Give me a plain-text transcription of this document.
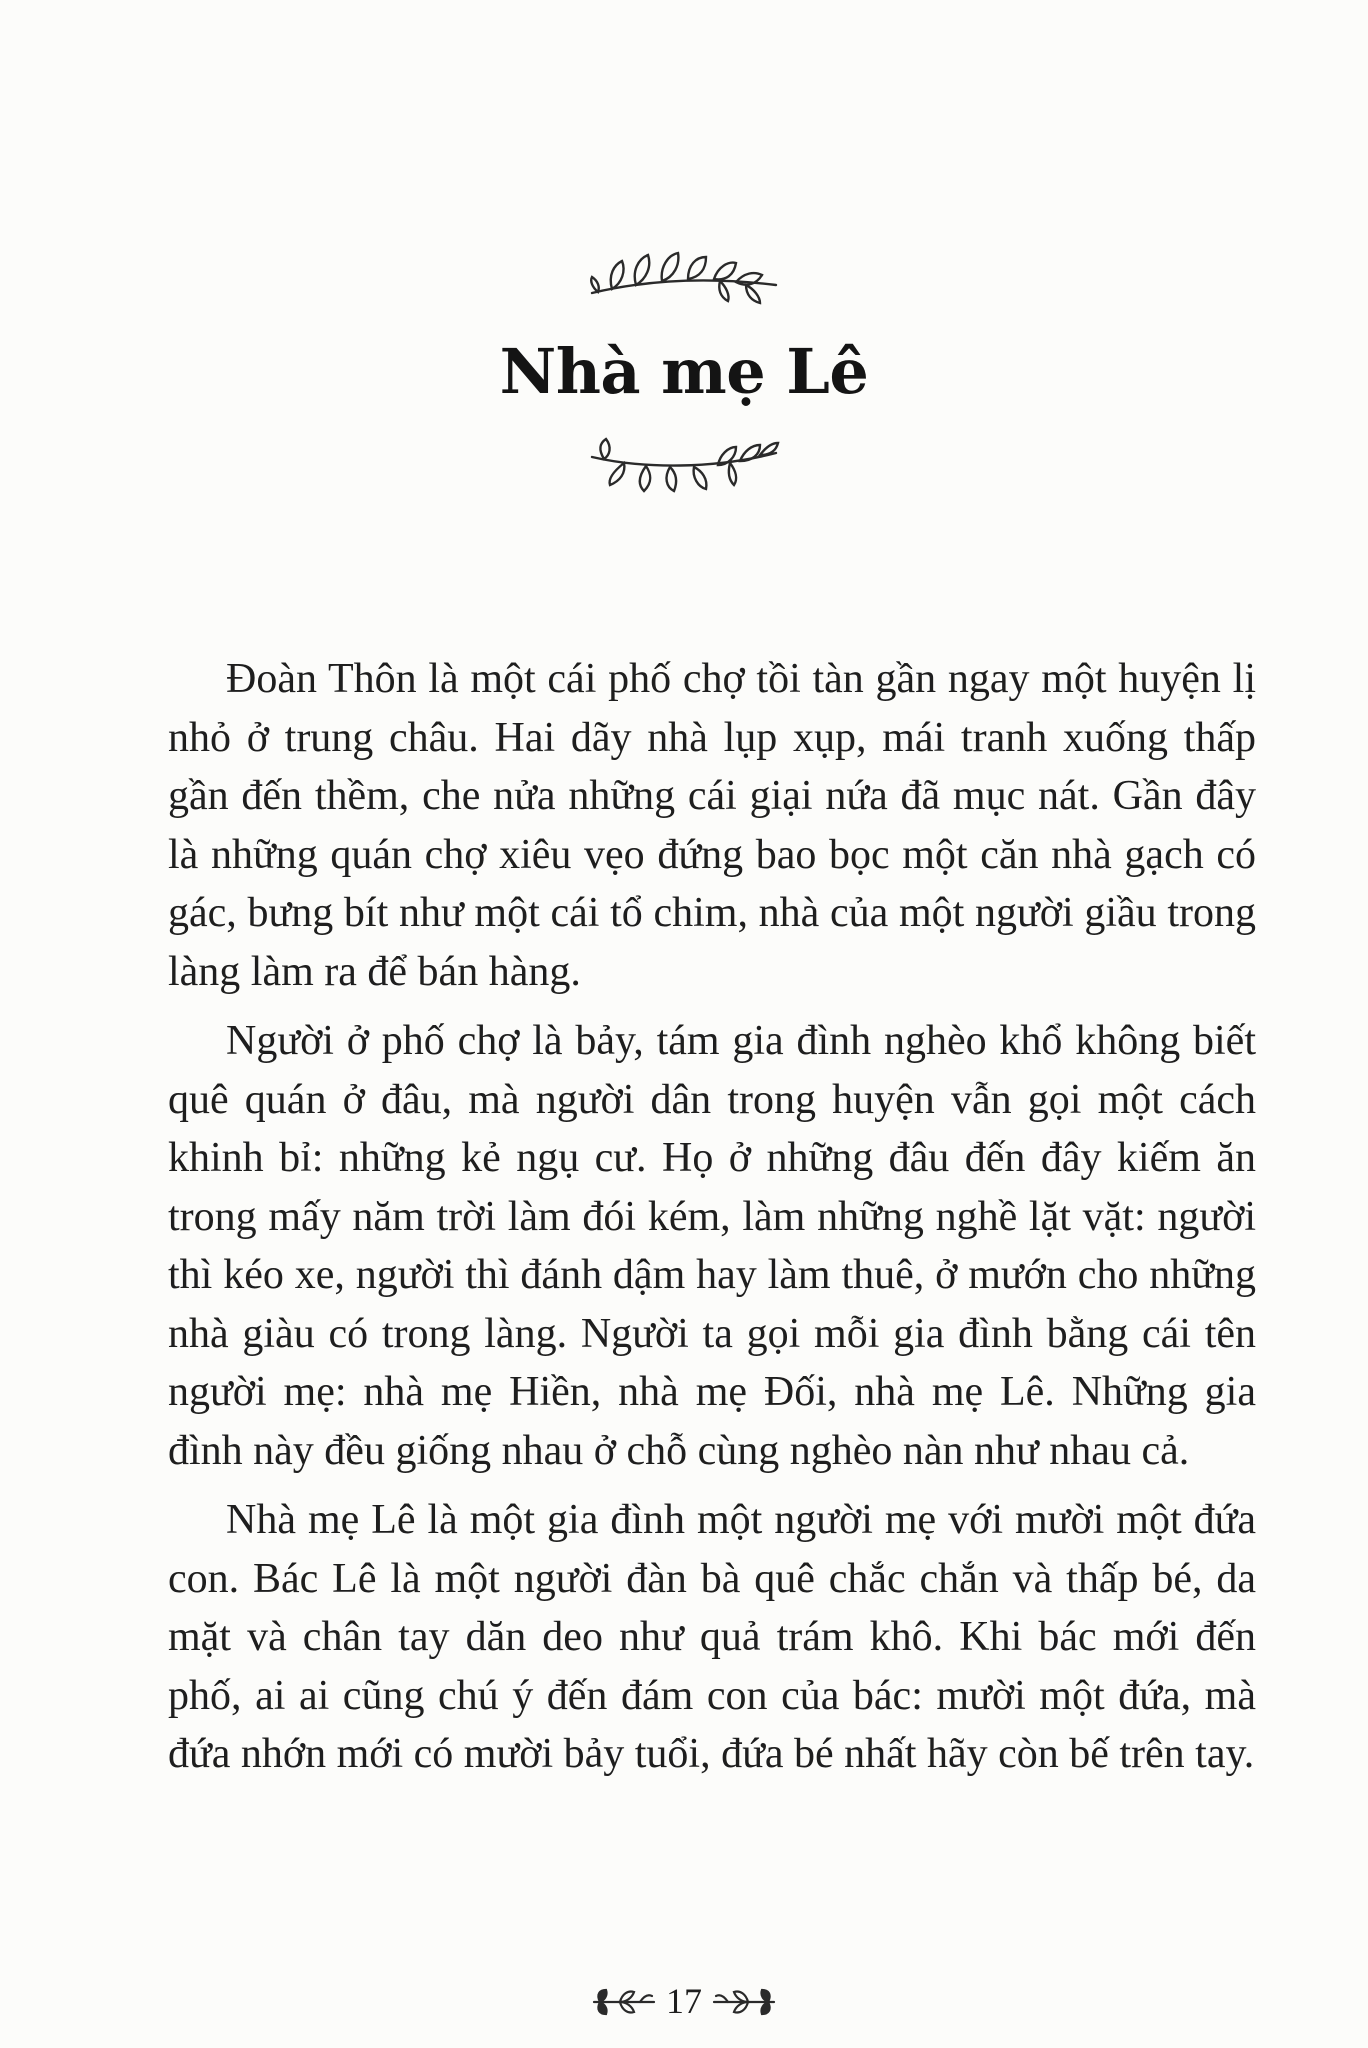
Nhà mẹ Lê

Đoàn Thôn là một cái phố chợ tồi tàn gần ngay một huyện lị nhỏ ở trung châu. Hai dãy nhà lụp xụp, mái tranh xuống thấp gần đến thềm, che nửa những cái giại nứa đã mục nát. Gần đây là những quán chợ xiêu vẹo đứng bao bọc một căn nhà gạch có gác, bưng bít như một cái tổ chim, nhà của một người giầu trong làng làm ra để bán hàng.

Người ở phố chợ là bảy, tám gia đình nghèo khổ không biết quê quán ở đâu, mà người dân trong huyện vẫn gọi một cách khinh bỉ: những kẻ ngụ cư. Họ ở những đâu đến đây kiếm ăn trong mấy năm trời làm đói kém, làm những nghề lặt vặt: người thì kéo xe, người thì đánh dậm hay làm thuê, ở mướn cho những nhà giàu có trong làng. Người ta gọi mỗi gia đình bằng cái tên người mẹ: nhà mẹ Hiền, nhà mẹ Đối, nhà mẹ Lê. Những gia đình này đều giống nhau ở chỗ cùng nghèo nàn như nhau cả.

Nhà mẹ Lê là một gia đình một người mẹ với mười một đứa con. Bác Lê là một người đàn bà quê chắc chắn và thấp bé, da mặt và chân tay dăn deo như quả trám khô. Khi bác mới đến phố, ai ai cũng chú ý đến đám con của bác: mười một đứa, mà đứa nhớn mới có mười bảy tuổi, đứa bé nhất hãy còn bế trên tay.

17
